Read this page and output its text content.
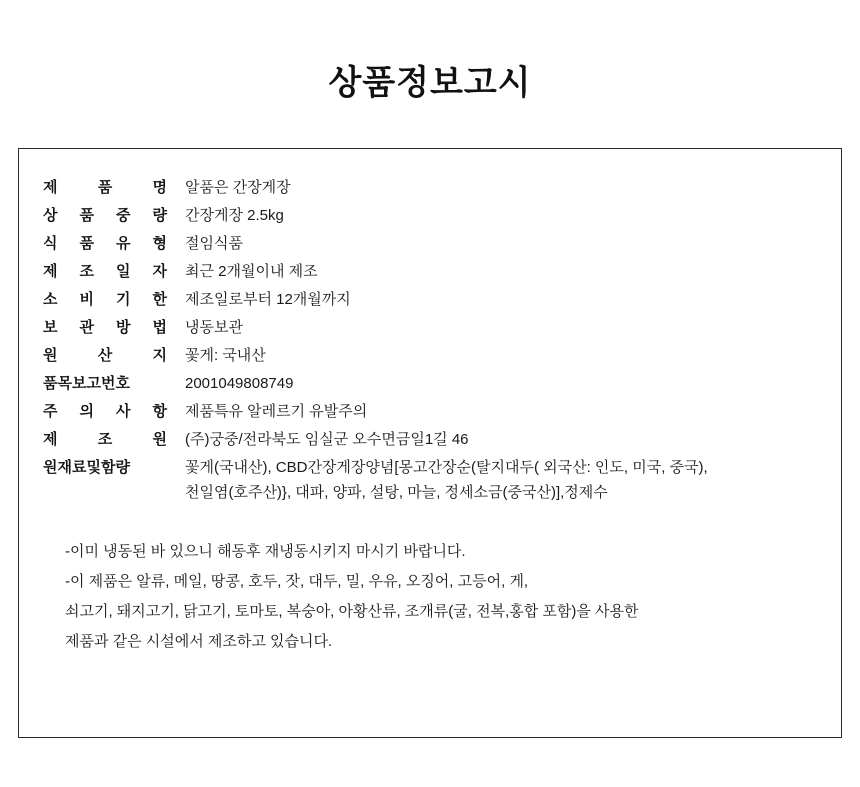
상품정보고시
제 품 명	알품은 간장게장
상 품 중 량	간장게장 2.5kg
식 품 유 형	절임식품
제 조 일 자	최근 2개월이내 제조
소 비 기 한	제조일로부터 12개월까지
보 관 방 법	냉동보관
원 산 지	꽃게: 국내산
품목보고번호	2001049808749
주 의 사 항	제품특유 알레르기 유발주의
제 조 원	(주)궁중/전라북도 임실군 오수면금일1길 46
원재료및함량	꽃게(국내산), CBD간장게장양념[몽고간장순(탈지대두( 외국산: 인도, 미국, 중국),
천일염(호주산)}, 대파, 양파, 설탕, 마늘, 정세소금(중국산)],정제수
-이미 냉동된 바 있으니 해동후 재냉동시키지 마시기 바랍니다.
-이 제품은 알류, 메일, 땅콩, 호두, 잣, 대두, 밀, 우유, 오징어, 고등어, 게,
쇠고기, 돼지고기, 닭고기, 토마토, 복숭아, 아황산류, 조개류(굴, 전복,홍합 포함)을 사용한
제품과 같은 시설에서 제조하고 있습니다.
